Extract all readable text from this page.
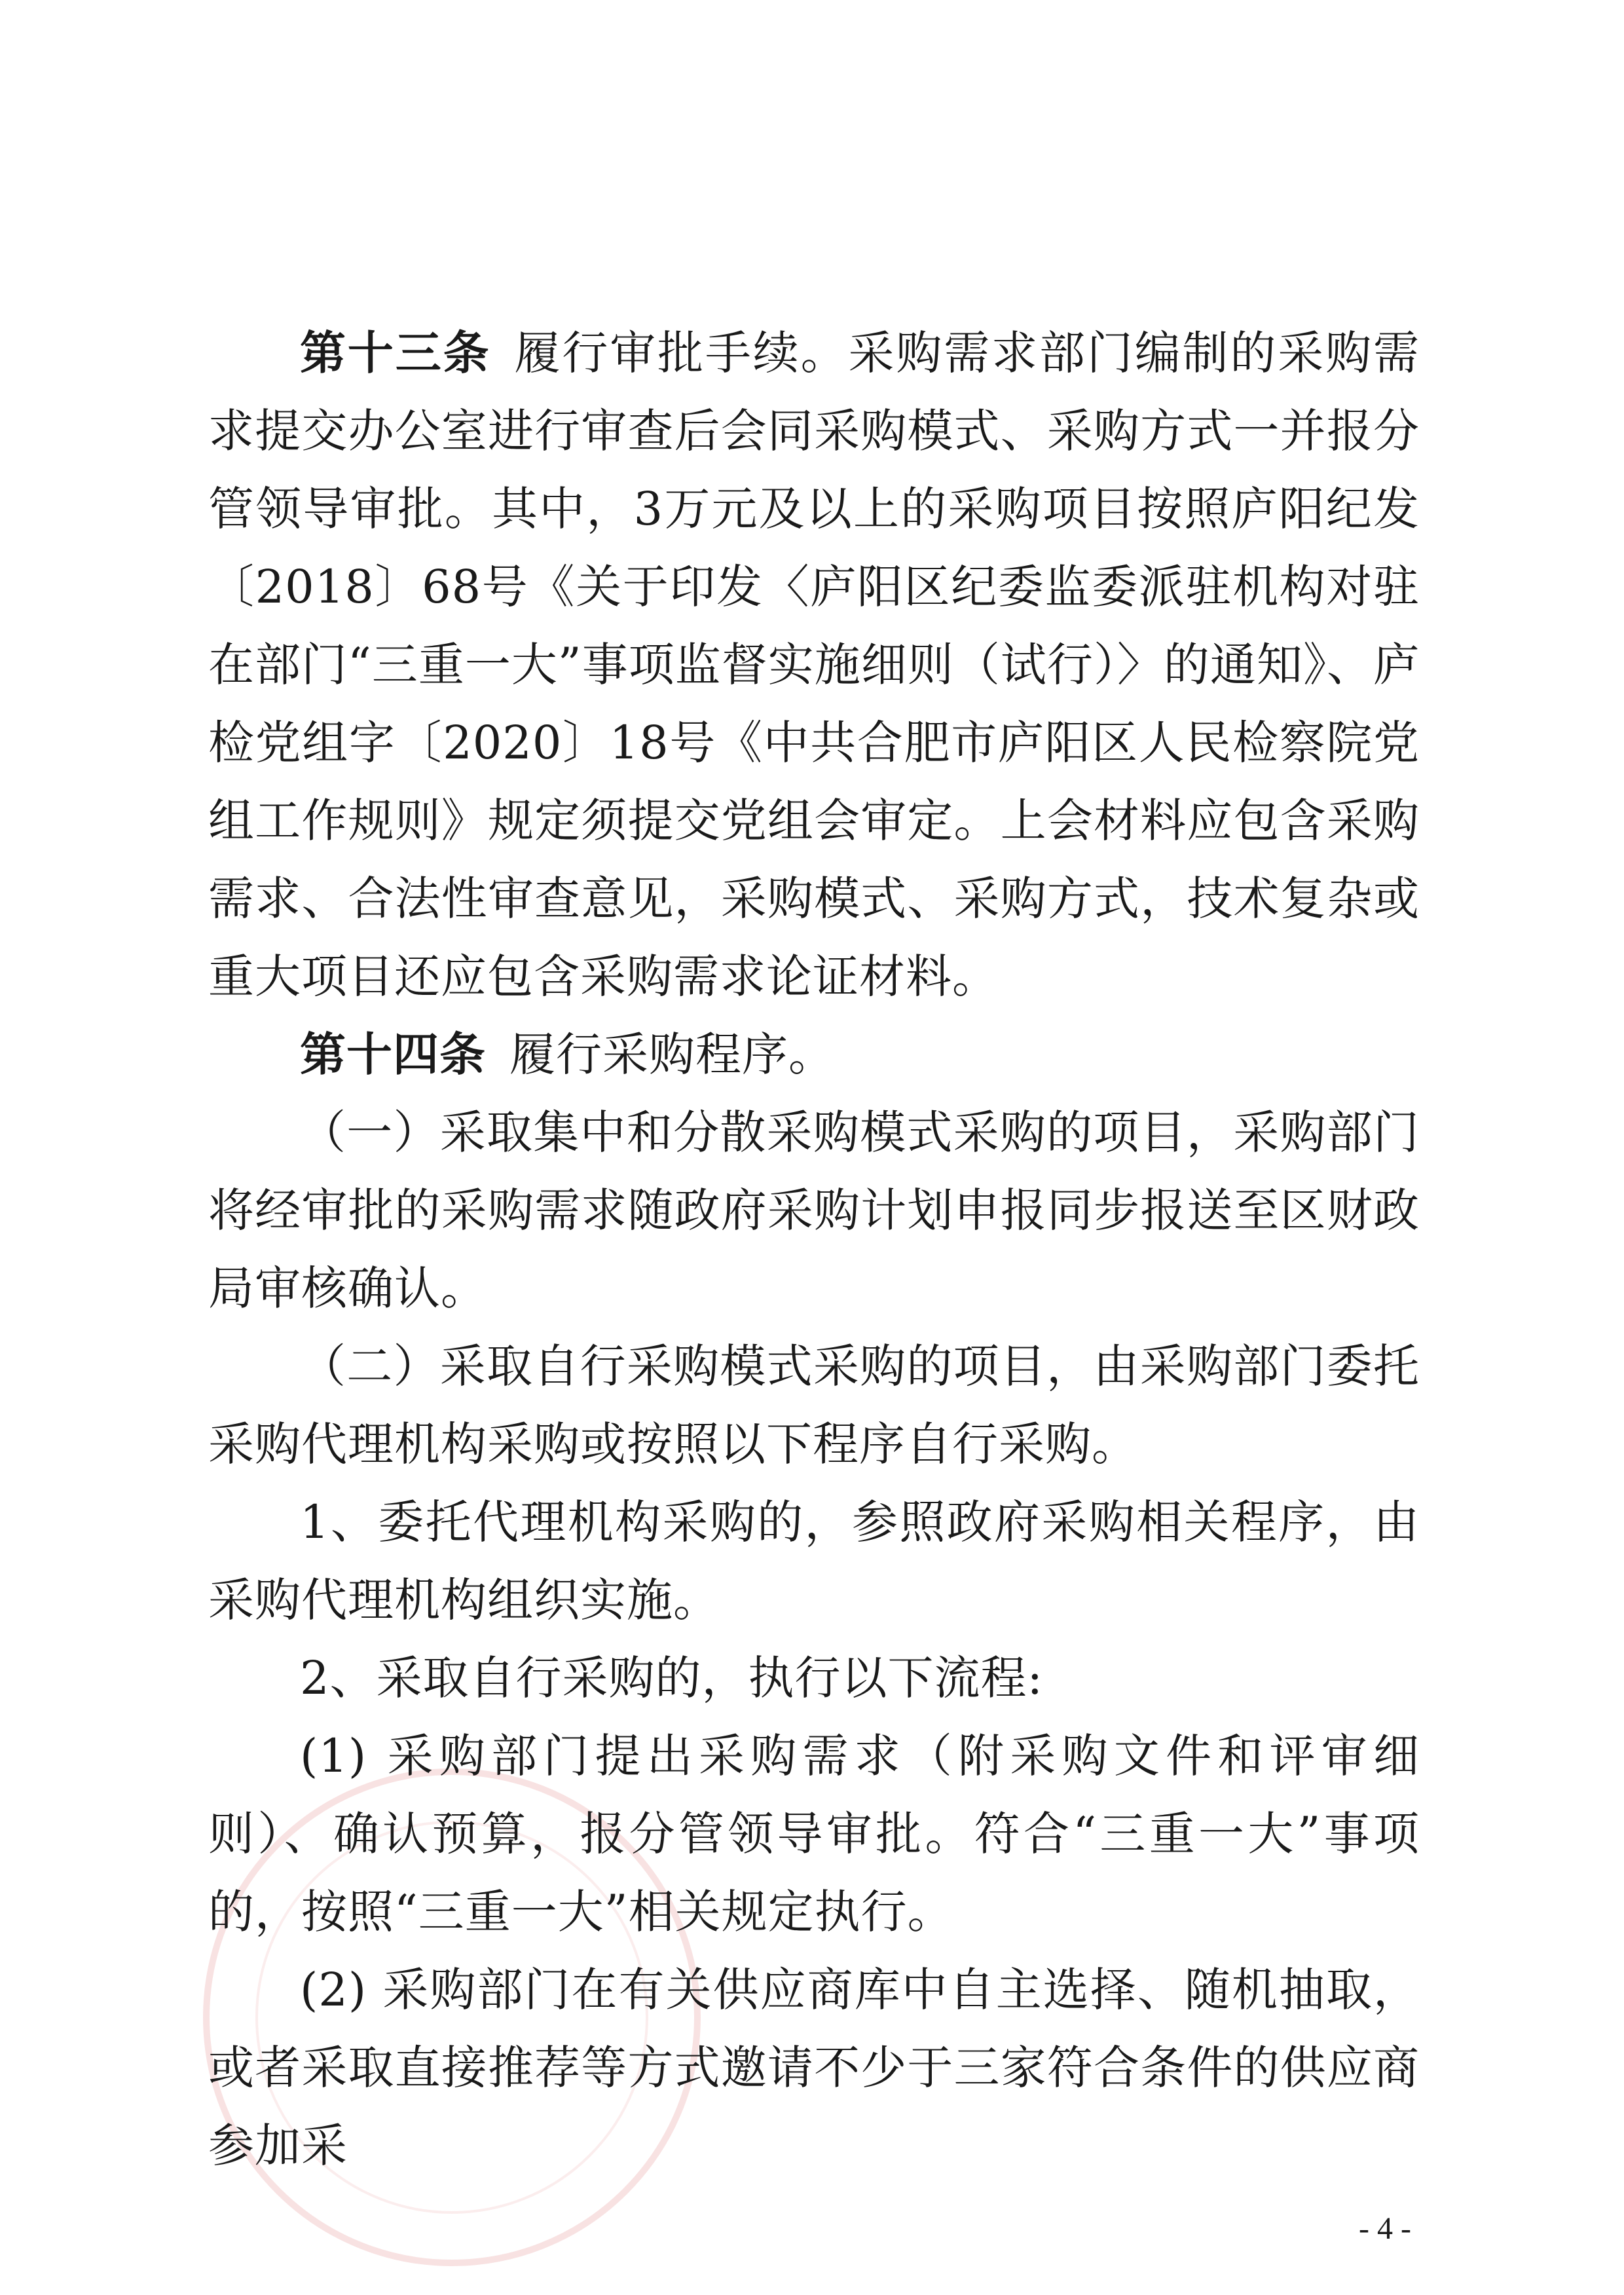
第十三条 履行审批手续。采购需求部门编制的采购需求提交办公室进行审查后会同采购模式、采购方式一并报分管领导审批。其中，3万元及以上的采购项目按照庐阳纪发〔2018〕68号《关于印发〈庐阳区纪委监委派驻机构对驻在部门“三重一大”事项监督实施细则（试行）〉的通知》、庐检党组字〔2020〕18号《中共合肥市庐阳区人民检察院党组工作规则》规定须提交党组会审定。上会材料应包含采购需求、合法性审查意见，采购模式、采购方式，技术复杂或重大项目还应包含采购需求论证材料。

第十四条 履行采购程序。

（一）采取集中和分散采购模式采购的项目，采购部门将经审批的采购需求随政府采购计划申报同步报送至区财政局审核确认。

（二）采取自行采购模式采购的项目，由采购部门委托采购代理机构采购或按照以下程序自行采购。

1、委托代理机构采购的，参照政府采购相关程序，由采购代理机构组织实施。

2、采取自行采购的，执行以下流程:

(1) 采购部门提出采购需求（附采购文件和评审细则）、确认预算，报分管领导审批。符合“三重一大”事项的，按照“三重一大”相关规定执行。

(2) 采购部门在有关供应商库中自主选择、随机抽取，或者采取直接推荐等方式邀请不少于三家符合条件的供应商参加采

- 4 -
